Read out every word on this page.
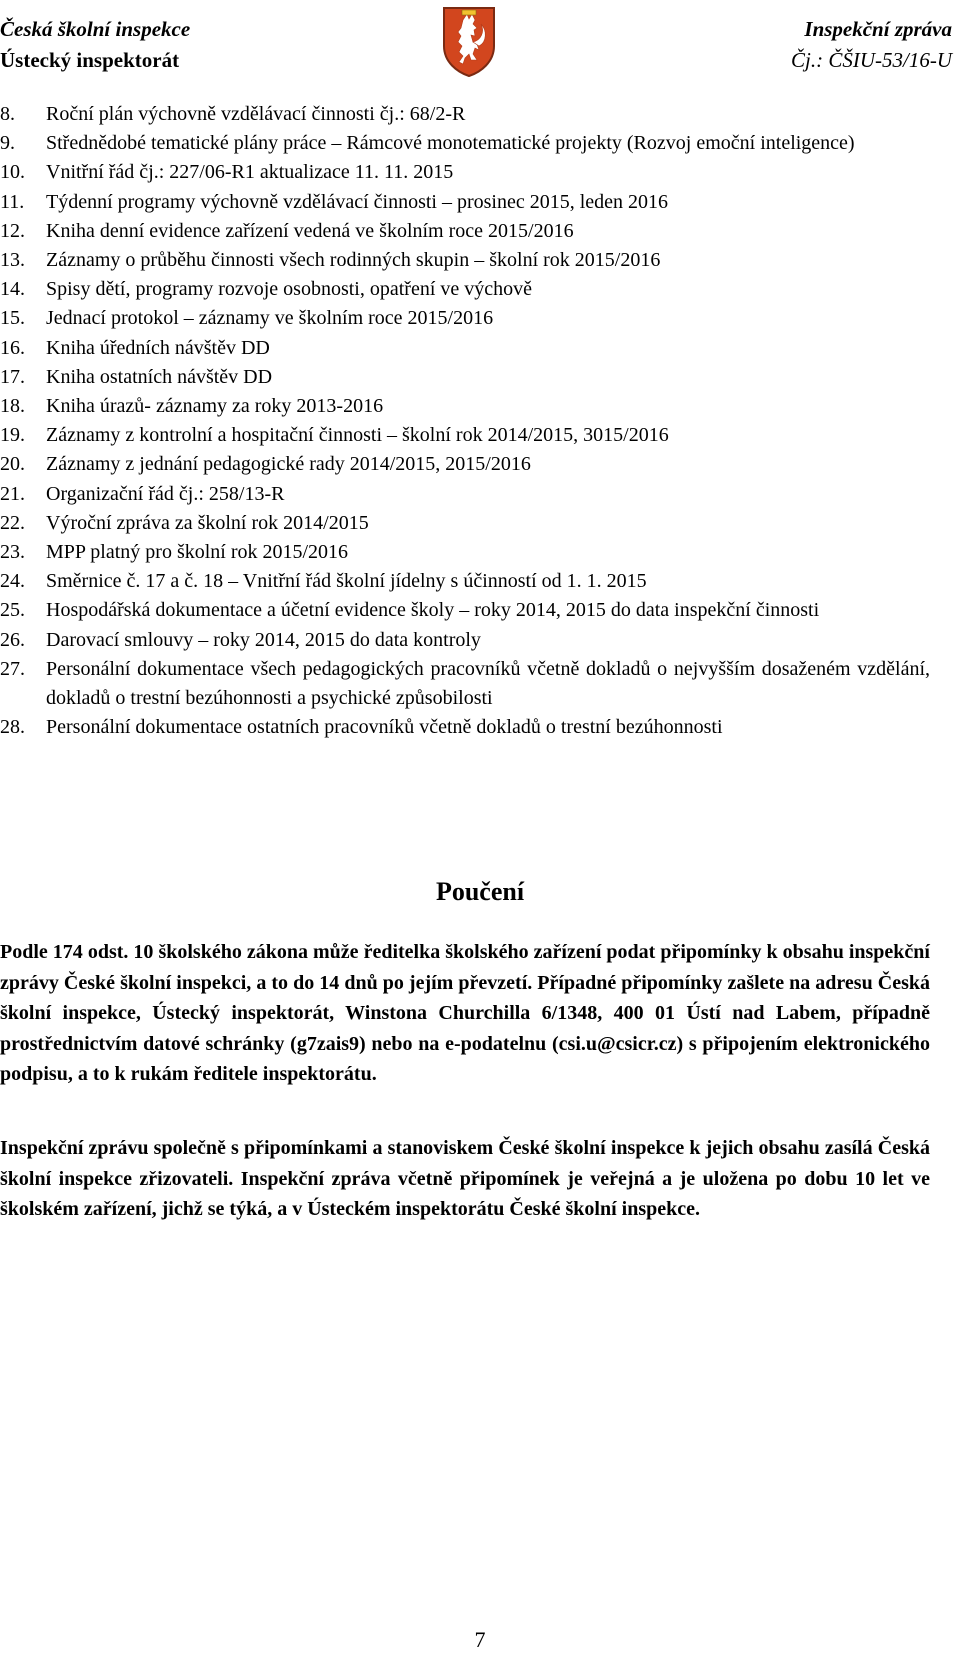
Česká školní inspekce
Ústecký inspektorát
Inspekční zpráva
Čj.: ČŠIU-53/16-U
8.	Roční plán výchovně vzdělávací činnosti čj.: 68/2-R
9.	Střednědobé tematické plány práce – Rámcové monotematické projekty (Rozvoj emoční inteligence)
10.	Vnitřní řád čj.: 227/06-R1 aktualizace 11. 11. 2015
11.	Týdenní programy výchovně vzdělávací činnosti – prosinec 2015, leden 2016
12.	Kniha denní evidence zařízení vedená ve školním roce 2015/2016
13.	Záznamy o průběhu činnosti všech rodinných skupin – školní rok 2015/2016
14.	Spisy dětí, programy rozvoje osobnosti, opatření ve výchově
15.	Jednací protokol – záznamy ve školním roce 2015/2016
16.	Kniha úředních návštěv DD
17.	Kniha ostatních návštěv DD
18.	Kniha úrazů- záznamy za roky 2013-2016
19.	Záznamy z kontrolní a hospitační činnosti – školní rok 2014/2015, 3015/2016
20.	Záznamy z jednání pedagogické rady 2014/2015, 2015/2016
21.	Organizační řád čj.: 258/13-R
22.	Výroční zpráva za školní rok 2014/2015
23.	MPP platný pro školní rok 2015/2016
24.	Směrnice č. 17 a č. 18 – Vnitřní řád školní jídelny s účinností od 1. 1. 2015
25.	Hospodářská dokumentace a účetní evidence školy – roky 2014, 2015 do data inspekční činnosti
26.	Darovací smlouvy – roky 2014, 2015 do data kontroly
27.	Personální dokumentace všech pedagogických pracovníků včetně dokladů o nejvyšším dosaženém vzdělání, dokladů o trestní bezúhonnosti a psychické způsobilosti
28.	Personální dokumentace ostatních pracovníků včetně dokladů o trestní bezúhonnosti
Poučení

Podle 174 odst. 10 školského zákona může ředitelka školského zařízení podat připomínky k obsahu inspekční zprávy České školní inspekci, a to do 14 dnů po jejím převzetí. Případné připomínky zašlete na adresu Česká školní inspekce, Ústecký inspektorát, Winstona Churchilla 6/1348, 400 01 Ústí nad Labem, případně prostřednictvím datové schránky (g7zais9) nebo na e-podatelnu (csi.u@csicr.cz) s připojením elektronického podpisu, a to k rukám ředitele inspektorátu.

Inspekční zprávu společně s připomínkami a stanoviskem České školní inspekce k jejich obsahu zasílá Česká školní inspekce zřizovateli. Inspekční zpráva včetně připomínek je veřejná a je uložena po dobu 10 let ve školském zařízení, jichž se týká, a v Ústeckém inspektorátu České školní inspekce.

7
